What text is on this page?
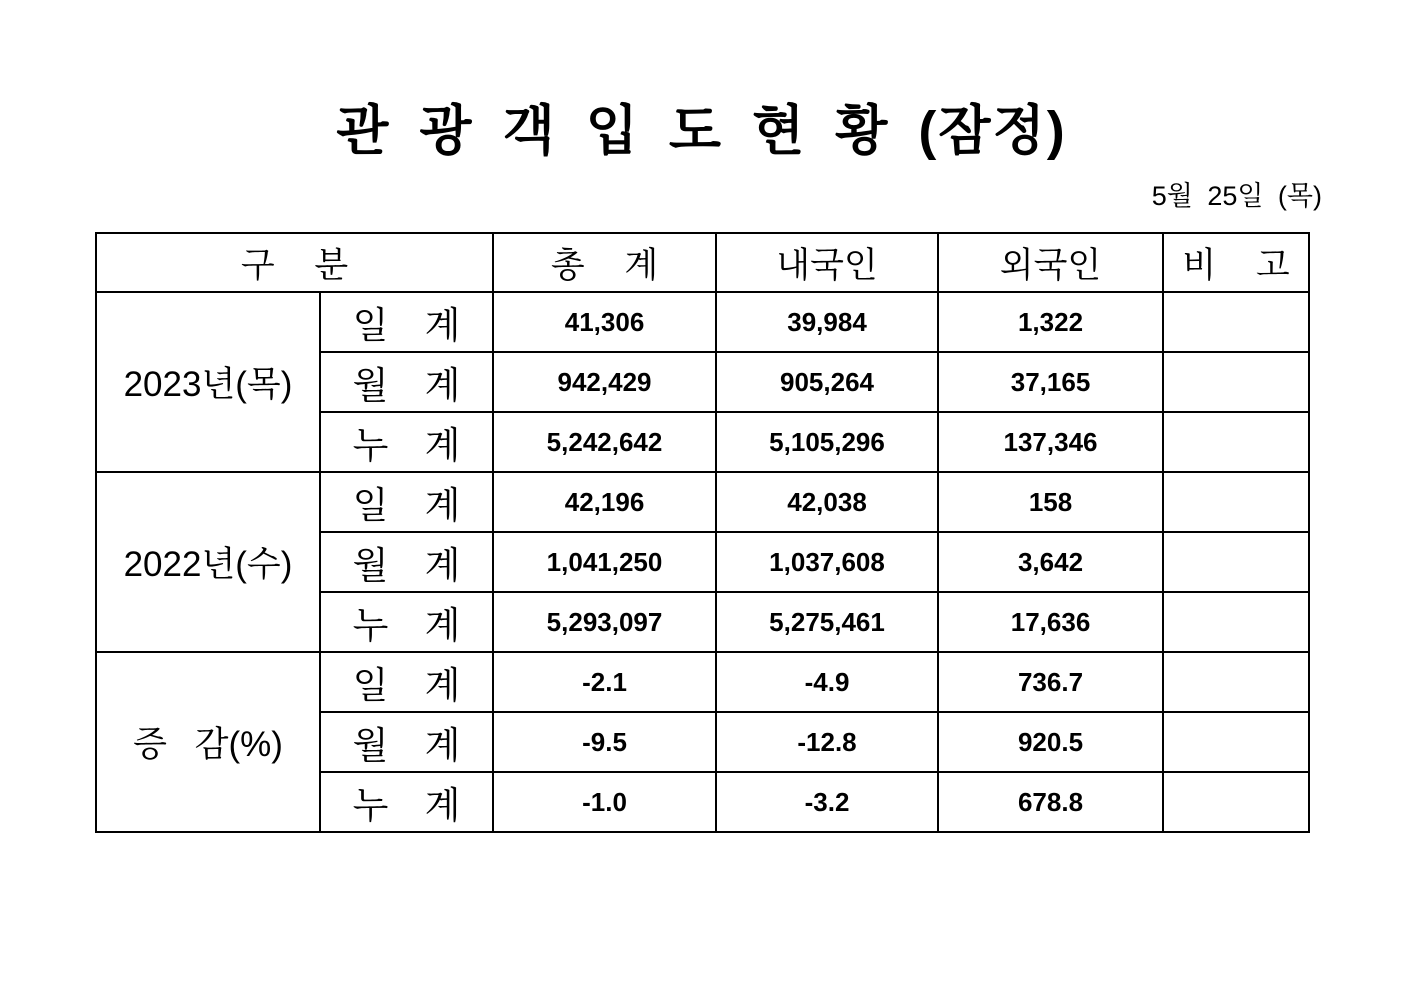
관 광 객 입 도 현 황 (잠정)
5월 25일 (목)
구 분		총 계	내국인	외국인	비 고
2023년(목)	일 계	41,306	39,984	1,322	
	월 계	942,429	905,264	37,165	
	누 계	5,242,642	5,105,296	137,346	
2022년(수)	일 계	42,196	42,038	158	
	월 계	1,041,250	1,037,608	3,642	
	누 계	5,293,097	5,275,461	17,636	
증 감(%)	일 계	-2.1	-4.9	736.7	
	월 계	-9.5	-12.8	920.5	
	누 계	-1.0	-3.2	678.8	
